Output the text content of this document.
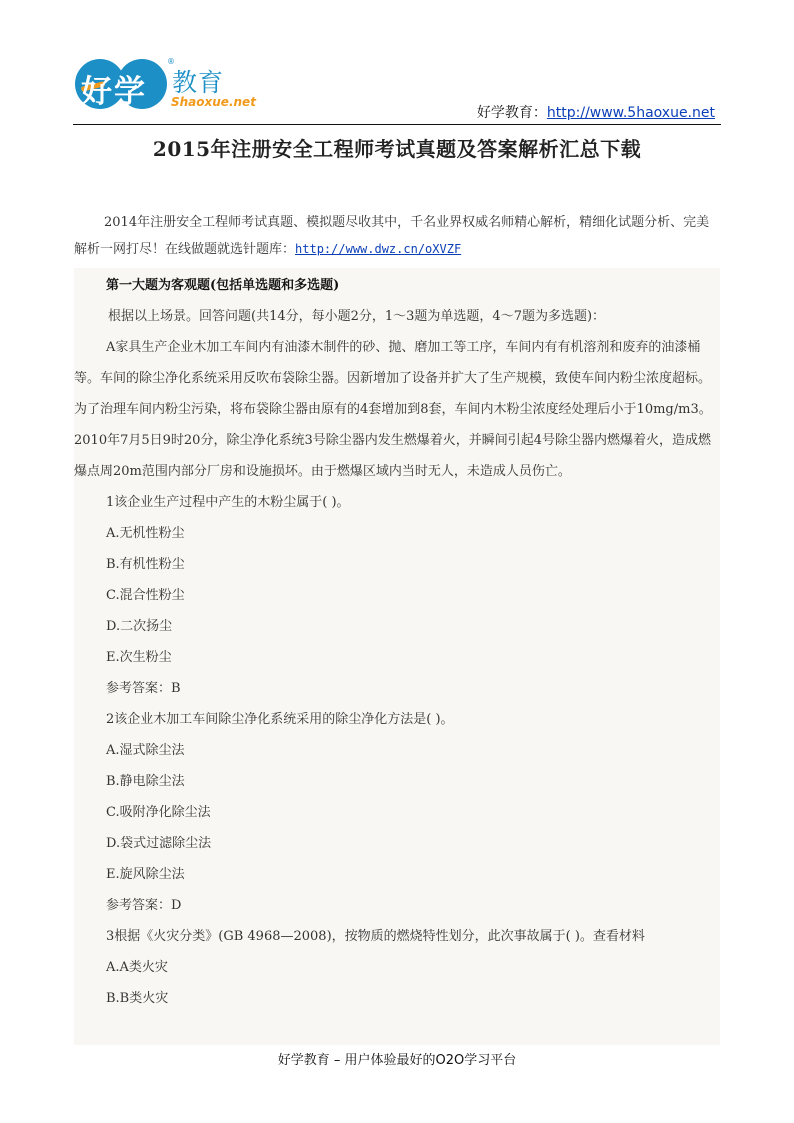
好学
®
教育
Shaoxue.net
好学教育：http://www.5haoxue.net
2015年注册安全工程师考试真题及答案解析汇总下载

2014年注册安全工程师考试真题、模拟题尽收其中，千名业界权威名师精心解析，精细化试题分析、完美解析一网打尽！在线做题就选针题库：http://www.dwz.cn/oXVZF

第一大题为客观题(包括单选题和多选题)

根据以上场景。回答问题(共14分，每小题2分，1～3题为单选题，4～7题为多选题)：

A家具生产企业木加工车间内有油漆木制件的砂、抛、磨加工等工序，车间内有有机溶剂和废弃的油漆桶等。车间的除尘净化系统采用反吹布袋除尘器。因新增加了设备并扩大了生产规模，致使车间内粉尘浓度超标。为了治理车间内粉尘污染，将布袋除尘器由原有的4套增加到8套，车间内木粉尘浓度经处理后小于10mg/m3。2010年7月5日9时20分，除尘净化系统3号除尘器内发生燃爆着火，并瞬间引起4号除尘器内燃爆着火，造成燃爆点周20m范围内部分厂房和设施损坏。由于燃爆区域内当时无人，未造成人员伤亡。

1该企业生产过程中产生的木粉尘属于( )。

A.无机性粉尘

B.有机性粉尘

C.混合性粉尘

D.二次扬尘

E.次生粉尘

参考答案：B

2该企业木加工车间除尘净化系统采用的除尘净化方法是( )。

A.湿式除尘法

B.静电除尘法

C.吸附净化除尘法

D.袋式过滤除尘法

E.旋风除尘法

参考答案：D

3根据《火灾分类》(GB 4968—2008)，按物质的燃烧特性划分，此次事故属于( )。查看材料

A.A类火灾

B.B类火灾

好学教育 – 用户体验最好的O2O学习平台
